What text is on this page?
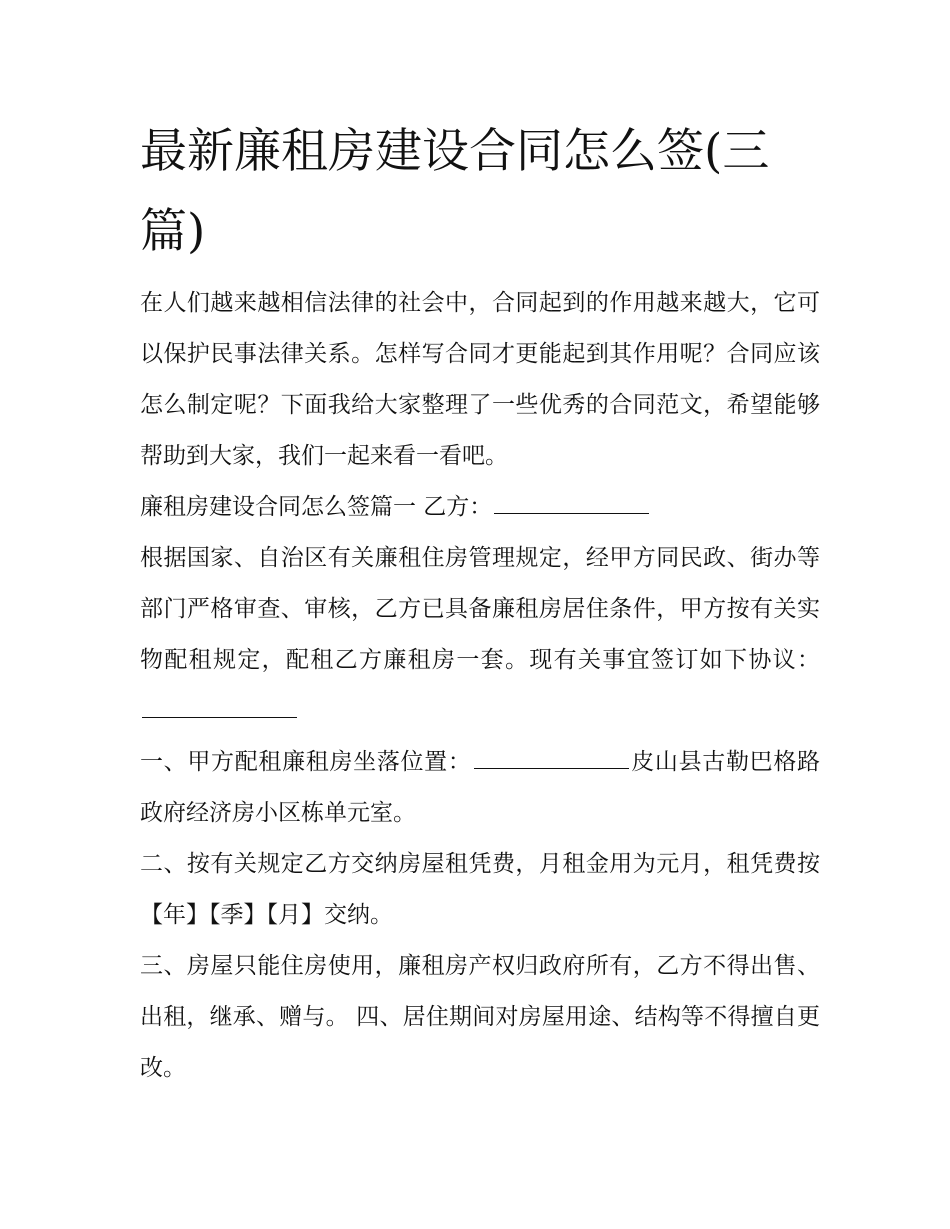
最新廉租房建设合同怎么签(三篇)

在人们越来越相信法律的社会中，合同起到的作用越来越大，它可以保护民事法律关系。怎样写合同才更能起到其作用呢？合同应该怎么制定呢？下面我给大家整理了一些优秀的合同范文，希望能够帮助到大家，我们一起来看一看吧。

廉租房建设合同怎么签篇一 乙方：

根据国家、自治区有关廉租住房管理规定，经甲方同民政、街办等部门严格审查、审核，乙方已具备廉租房居住条件，甲方按有关实物配租规定，配租乙方廉租房一套。现有关事宜签订如下协议：

一、甲方配租廉租房坐落位置：	皮山县古勒巴格路政府经济房小区栋单元室。

二、按有关规定乙方交纳房屋租凭费，月租金用为元月，租凭费按【年】【季】【月】交纳。

三、房屋只能住房使用，廉租房产权归政府所有，乙方不得出售、出租，继承、赠与。 四、居住期间对房屋用途、结构等不得擅自更改。
